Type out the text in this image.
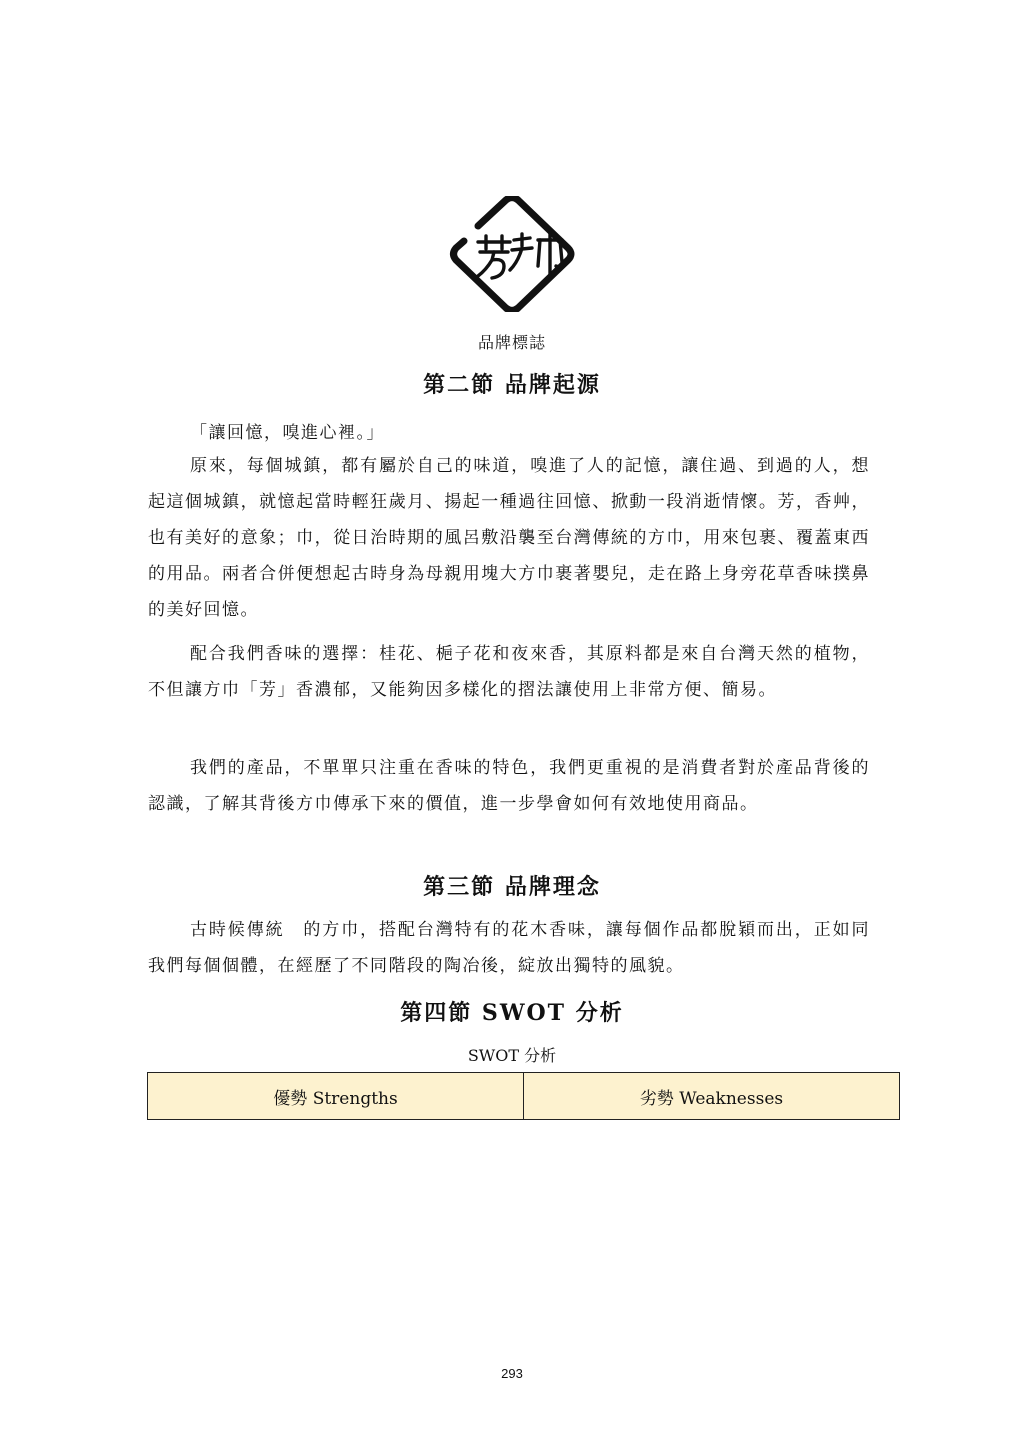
品牌標誌
第二節 品牌起源
「讓回憶，嗅進心裡。」

原來，每個城鎮，都有屬於自己的味道，嗅進了人的記憶，讓住過、到過的人，想起這個城鎮，就憶起當時輕狂歲月、揚起一種過往回憶、掀動一段消逝情懷。芳，香艸，也有美好的意象；巾，從日治時期的風呂敷沿襲至台灣傳統的方巾，用來包裹、覆蓋東西的用品。兩者合併便想起古時身為母親用塊大方巾裹著嬰兒，走在路上身旁花草香味撲鼻的美好回憶。

配合我們香味的選擇：桂花、梔子花和夜來香，其原料都是來自台灣天然的植物，不但讓方巾「芳」香濃郁，又能夠因多樣化的摺法讓使用上非常方便、簡易。

我們的產品，不單單只注重在香味的特色，我們更重視的是消費者對於產品背後的認識，了解其背後方巾傳承下來的價值，進一步學會如何有效地使用商品。

第三節 品牌理念

古時候傳統　的方巾，搭配台灣特有的花木香味，讓每個作品都脫穎而出，正如同我們每個個體，在經歷了不同階段的陶冶後，綻放出獨特的風貌。

第四節 SWOT 分析
SWOT 分析
優勢 Strengths	劣勢 Weaknesses
293
